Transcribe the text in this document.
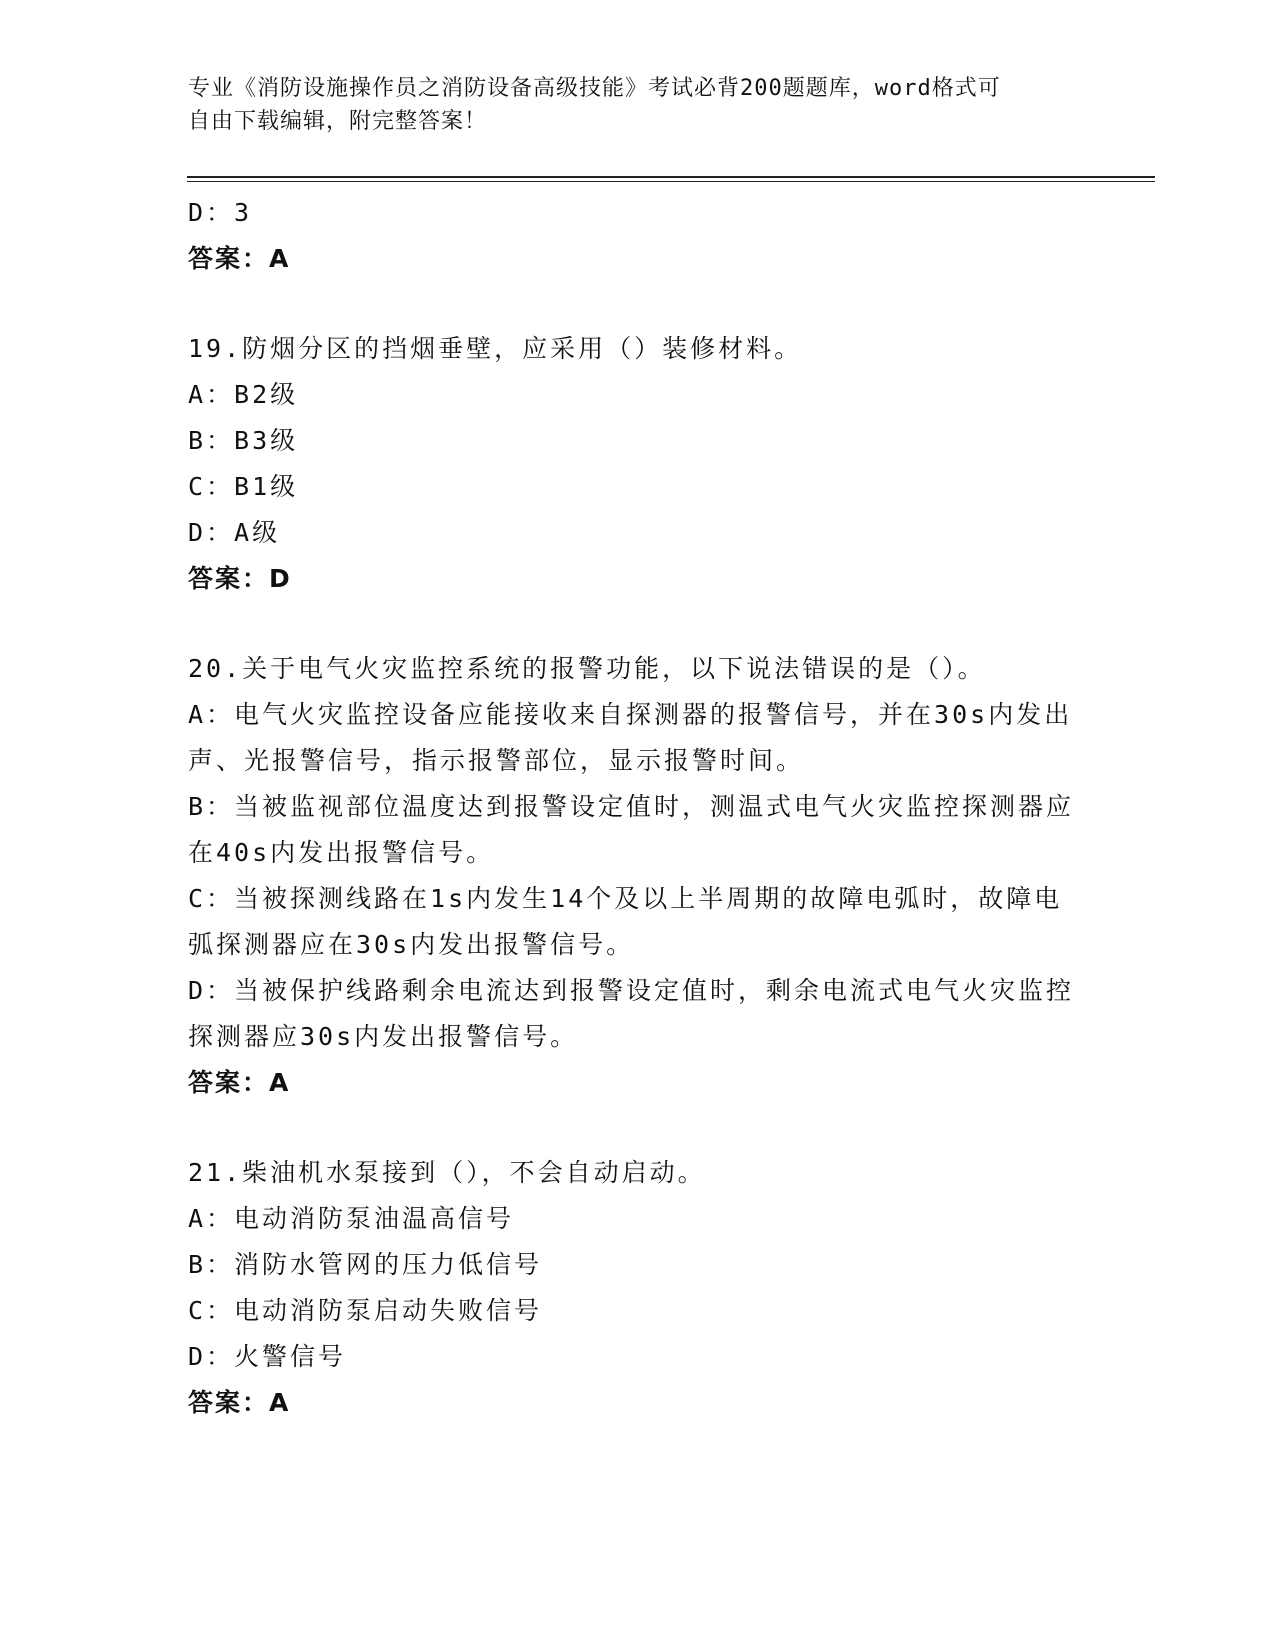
专业《消防设施操作员之消防设备高级技能》考试必背200题题库，word格式可
自由下载编辑，附完整答案！
D：3
答案：A
19.防烟分区的挡烟垂壁，应采用（）装修材料。
A：B2级
B：B3级
C：B1级
D：A级
答案：D
20.关于电气火灾监控系统的报警功能，以下说法错误的是（）。
A：电气火灾监控设备应能接收来自探测器的报警信号，并在30s内发出声、光报警信号，指示报警部位，显示报警时间。
B：当被监视部位温度达到报警设定值时，测温式电气火灾监控探测器应在40s内发出报警信号。
C：当被探测线路在1s内发生14个及以上半周期的故障电弧时，故障电弧探测器应在30s内发出报警信号。
D：当被保护线路剩余电流达到报警设定值时，剩余电流式电气火灾监控探测器应30s内发出报警信号。
答案：A
21.柴油机水泵接到（），不会自动启动。
A：电动消防泵油温高信号
B：消防水管网的压力低信号
C：电动消防泵启动失败信号
D：火警信号
答案：A
